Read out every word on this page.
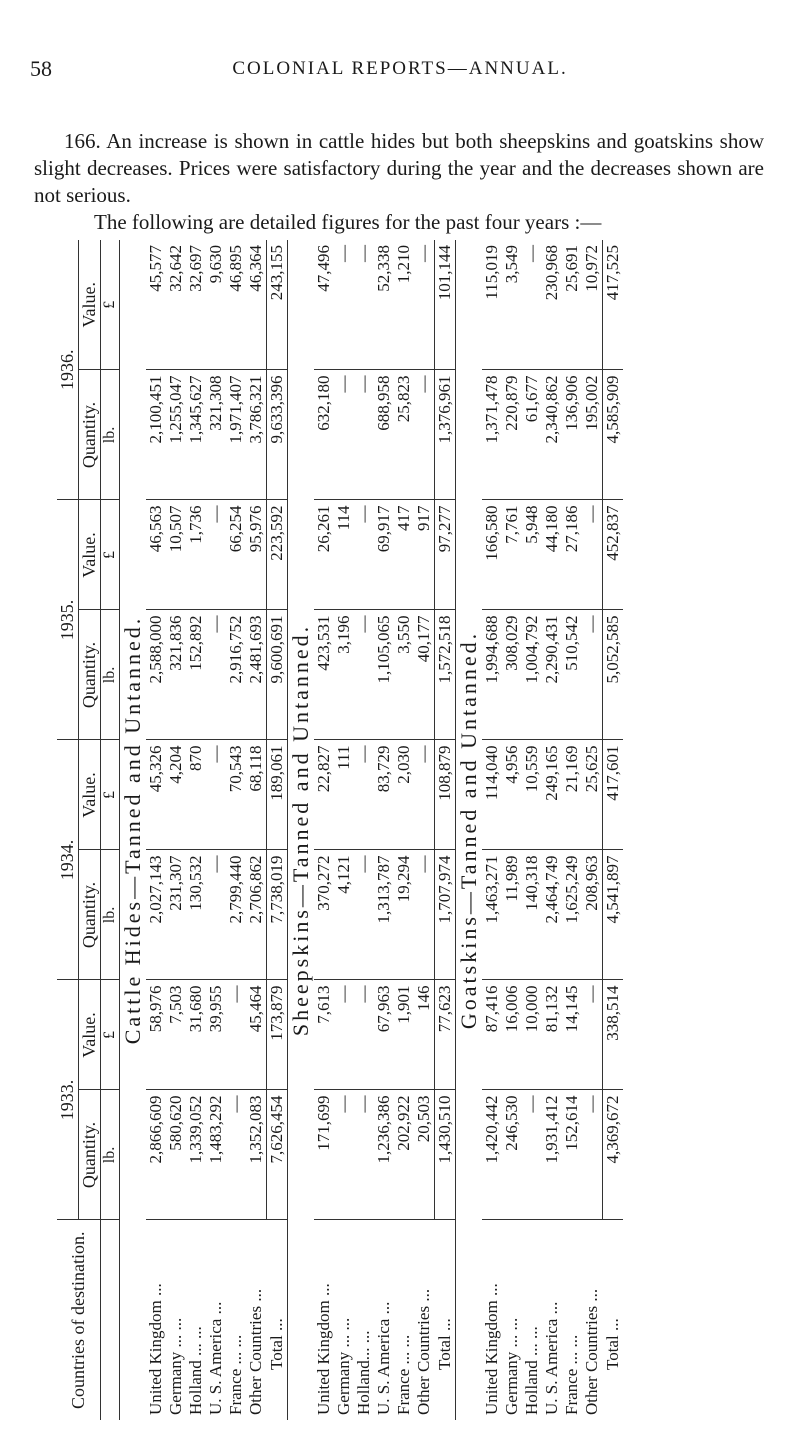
58	COLONIAL REPORTS—ANNUAL.

166. An increase is shown in cattle hides but both sheepskins and goatskins show slight decreases. Prices were satisfactory during the year and the decreases shown are not serious.

The following are detailed figures for the past four years :—

Countries of destination.	1933.		1934.		1935.		1936.	
	Quantity.	Value.	Quantity.	Value.	Quantity.	Value.	Quantity.	Value.
	lb.	£	lb.	£	lb.	£	lb.	£
Cattle Hides—Tanned and Untanned.								
United Kingdom ...	2,866,609	58,976	2,027,143	45,326	2,588,000	46,563	2,100,451	45,577
Germany ... ...	580,620	7,503	231,307	4,204	321,836	10,507	1,255,047	32,642
Holland ... ...	1,339,052	31,680	130,532	870	152,892	1,736	1,345,627	32,697
U. S. America ...	1,483,292	39,955	—	—	—	—	321,308	9,630
France ... ...	—	—	2,799,440	70,543	2,916,752	66,254	1,971,407	46,895
Other Countries ...	1,352,083	45,464	2,706,862	68,118	2,481,693	95,976	3,786,321	46,364
Total ...	7,626,454	173,879	7,738,019	189,061	9,600,691	223,592	9,633,396	243,155
Sheepskins—Tanned and Untanned.								
United Kingdom ...	171,699	7,613	370,272	22,827	423,531	26,261	632,180	47,496
Germany ... ...	—	—	4,121	111	3,196	114	—	—
Holland... ...	—	—	—	—	—	—	—	—
U. S. America ...	1,236,386	67,963	1,313,787	83,729	1,105,065	69,917	688,958	52,338
France ... ...	202,922	1,901	19,294	2,030	3,550	417	25,823	1,210
Other Countries ...	20,503	146	—	—	40,177	917	—	—
Total ...	1,430,510	77,623	1,707,974	108,879	1,572,518	97,277	1,376,961	101,144
Goatskins—Tanned and Untanned.								
United Kingdom ...	1,420,442	87,416	1,463,271	114,040	1,994,688	166,580	1,371,478	115,019
Germany ... ...	246,530	16,006	11,989	4,956	308,029	7,761	220,879	3,549
Holland ... ...	—	10,000	140,318	10,559	1,004,792	5,948	61,677	—
U. S. America ...	1,931,412	81,132	2,464,749	249,165	2,290,431	44,180	2,340,862	230,968
France ... ...	152,614	14,145	1,625,249	21,169	510,542	27,186	136,906	25,691
Other Countries ...	—	—	208,963	25,625	—	—	195,002	10,972
Total ...	4,369,672	338,514	4,541,897	417,601	5,052,585	452,837	4,585,909	417,525
